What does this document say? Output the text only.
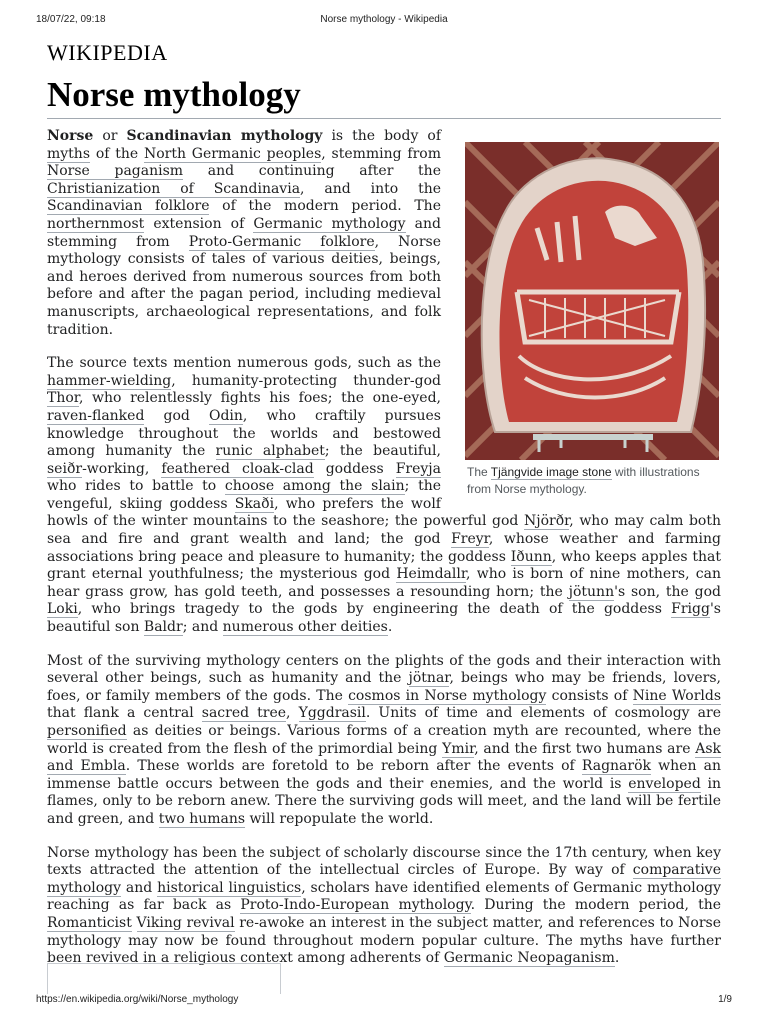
18/07/22, 09:18	Norse mythology - Wikipedia
WIKIPEDIA
Norse mythology
The Tjängvide image stone with illustrations from Norse mythology.

Norse or Scandinavian mythology is the body of myths of the North Germanic peoples, stemming from Norse paganism and continuing after the Christianization of Scandinavia, and into the Scandinavian folklore of the modern period. The northernmost extension of Germanic mythology and stemming from Proto-Germanic folklore, Norse mythology consists of tales of various deities, beings, and heroes derived from numerous sources from both before and after the pagan period, including medieval manuscripts, archaeological representations, and folk tradition.

The source texts mention numerous gods, such as the hammer-wielding, humanity-protecting thunder-god Thor, who relentlessly fights his foes; the one-eyed, raven-flanked god Odin, who craftily pursues knowledge throughout the worlds and bestowed among humanity the runic alphabet; the beautiful, seiðr-working, feathered cloak-clad goddess Freyja who rides to battle to choose among the slain; the vengeful, skiing goddess Skaði, who prefers the wolf howls of the winter mountains to the seashore; the powerful god Njörðr, who may calm both sea and fire and grant wealth and land; the god Freyr, whose weather and farming associations bring peace and pleasure to humanity; the goddess Iðunn, who keeps apples that grant eternal youthfulness; the mysterious god Heimdallr, who is born of nine mothers, can hear grass grow, has gold teeth, and possesses a resounding horn; the jötunn's son, the god Loki, who brings tragedy to the gods by engineering the death of the goddess Frigg's beautiful son Baldr; and numerous other deities.

Most of the surviving mythology centers on the plights of the gods and their interaction with several other beings, such as humanity and the jötnar, beings who may be friends, lovers, foes, or family members of the gods. The cosmos in Norse mythology consists of Nine Worlds that flank a central sacred tree, Yggdrasil. Units of time and elements of cosmology are personified as deities or beings. Various forms of a creation myth are recounted, where the world is created from the flesh of the primordial being Ymir, and the first two humans are Ask and Embla. These worlds are foretold to be reborn after the events of Ragnarök when an immense battle occurs between the gods and their enemies, and the world is enveloped in flames, only to be reborn anew. There the surviving gods will meet, and the land will be fertile and green, and two humans will repopulate the world.

Norse mythology has been the subject of scholarly discourse since the 17th century, when key texts attracted the attention of the intellectual circles of Europe. By way of comparative mythology and historical linguistics, scholars have identified elements of Germanic mythology reaching as far back as Proto-Indo-European mythology. During the modern period, the Romanticist Viking revival re-awoke an interest in the subject matter, and references to Norse mythology may now be found throughout modern popular culture. The myths have further been revived in a religious context among adherents of Germanic Neopaganism.

https://en.wikipedia.org/wiki/Norse_mythology	1/9
